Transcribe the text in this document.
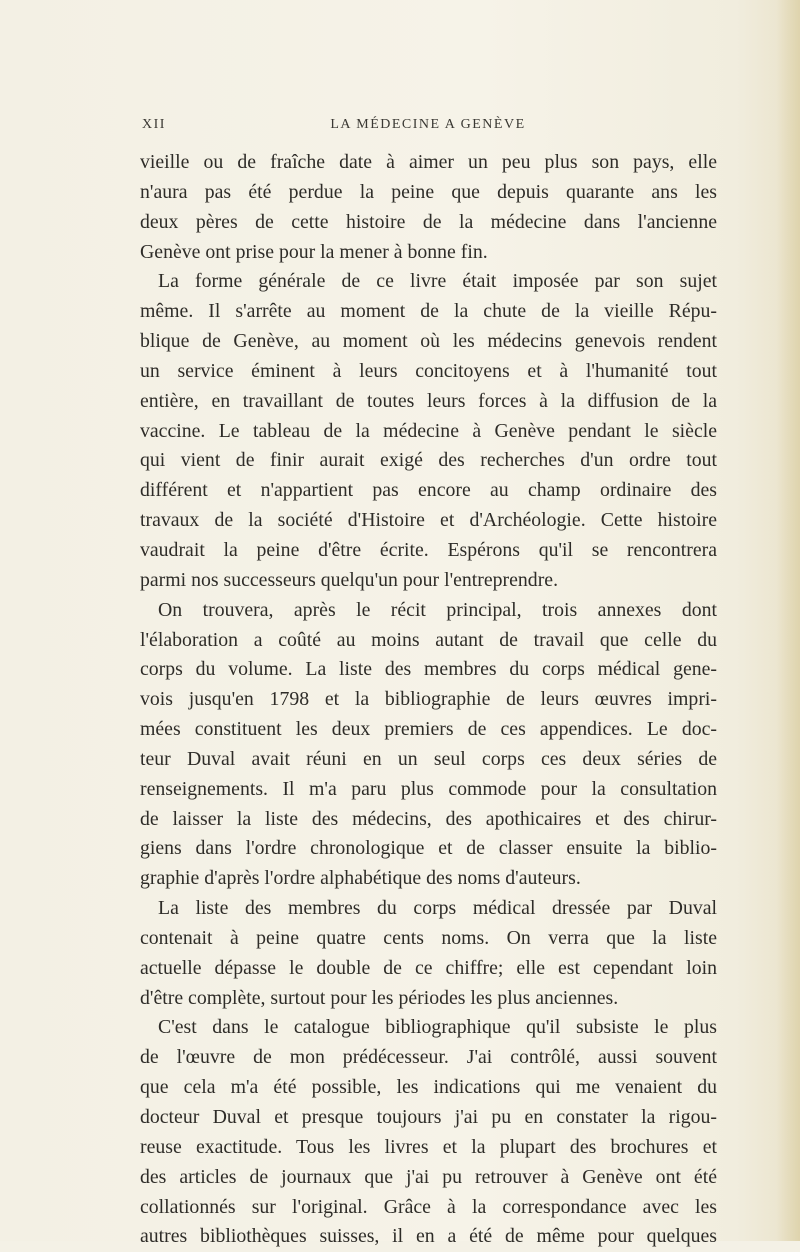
XII	LA MÉDECINE A GENÈVE

vieille ou de fraîche date à aimer un peu plus son pays, elle

n'aura pas été perdue la peine que depuis quarante ans les

deux pères de cette histoire de la médecine dans l'ancienne

Genève ont prise pour la mener à bonne fin.

La forme générale de ce livre était imposée par son sujet

même. Il s'arrête au moment de la chute de la vieille Répu-

blique de Genève, au moment où les médecins genevois rendent

un service éminent à leurs concitoyens et à l'humanité tout

entière, en travaillant de toutes leurs forces à la diffusion de la

vaccine. Le tableau de la médecine à Genève pendant le siècle

qui vient de finir aurait exigé des recherches d'un ordre tout

différent et n'appartient pas encore au champ ordinaire des

travaux de la société d'Histoire et d'Archéologie. Cette histoire

vaudrait la peine d'être écrite. Espérons qu'il se rencontrera

parmi nos successeurs quelqu'un pour l'entreprendre.

On trouvera, après le récit principal, trois annexes dont

l'élaboration a coûté au moins autant de travail que celle du

corps du volume. La liste des membres du corps médical gene-

vois jusqu'en 1798 et la bibliographie de leurs œuvres impri-

mées constituent les deux premiers de ces appendices. Le doc-

teur Duval avait réuni en un seul corps ces deux séries de

renseignements. Il m'a paru plus commode pour la consultation

de laisser la liste des médecins, des apothicaires et des chirur-

giens dans l'ordre chronologique et de classer ensuite la biblio-

graphie d'après l'ordre alphabétique des noms d'auteurs.

La liste des membres du corps médical dressée par Duval

contenait à peine quatre cents noms. On verra que la liste

actuelle dépasse le double de ce chiffre; elle est cependant loin

d'être complète, surtout pour les périodes les plus anciennes.

C'est dans le catalogue bibliographique qu'il subsiste le plus

de l'œuvre de mon prédécesseur. J'ai contrôlé, aussi souvent

que cela m'a été possible, les indications qui me venaient du

docteur Duval et presque toujours j'ai pu en constater la rigou-

reuse exactitude. Tous les livres et la plupart des brochures et

des articles de journaux que j'ai pu retrouver à Genève ont été

collationnés sur l'original. Grâce à la correspondance avec les

autres bibliothèques suisses, il en a été de même pour quelques
